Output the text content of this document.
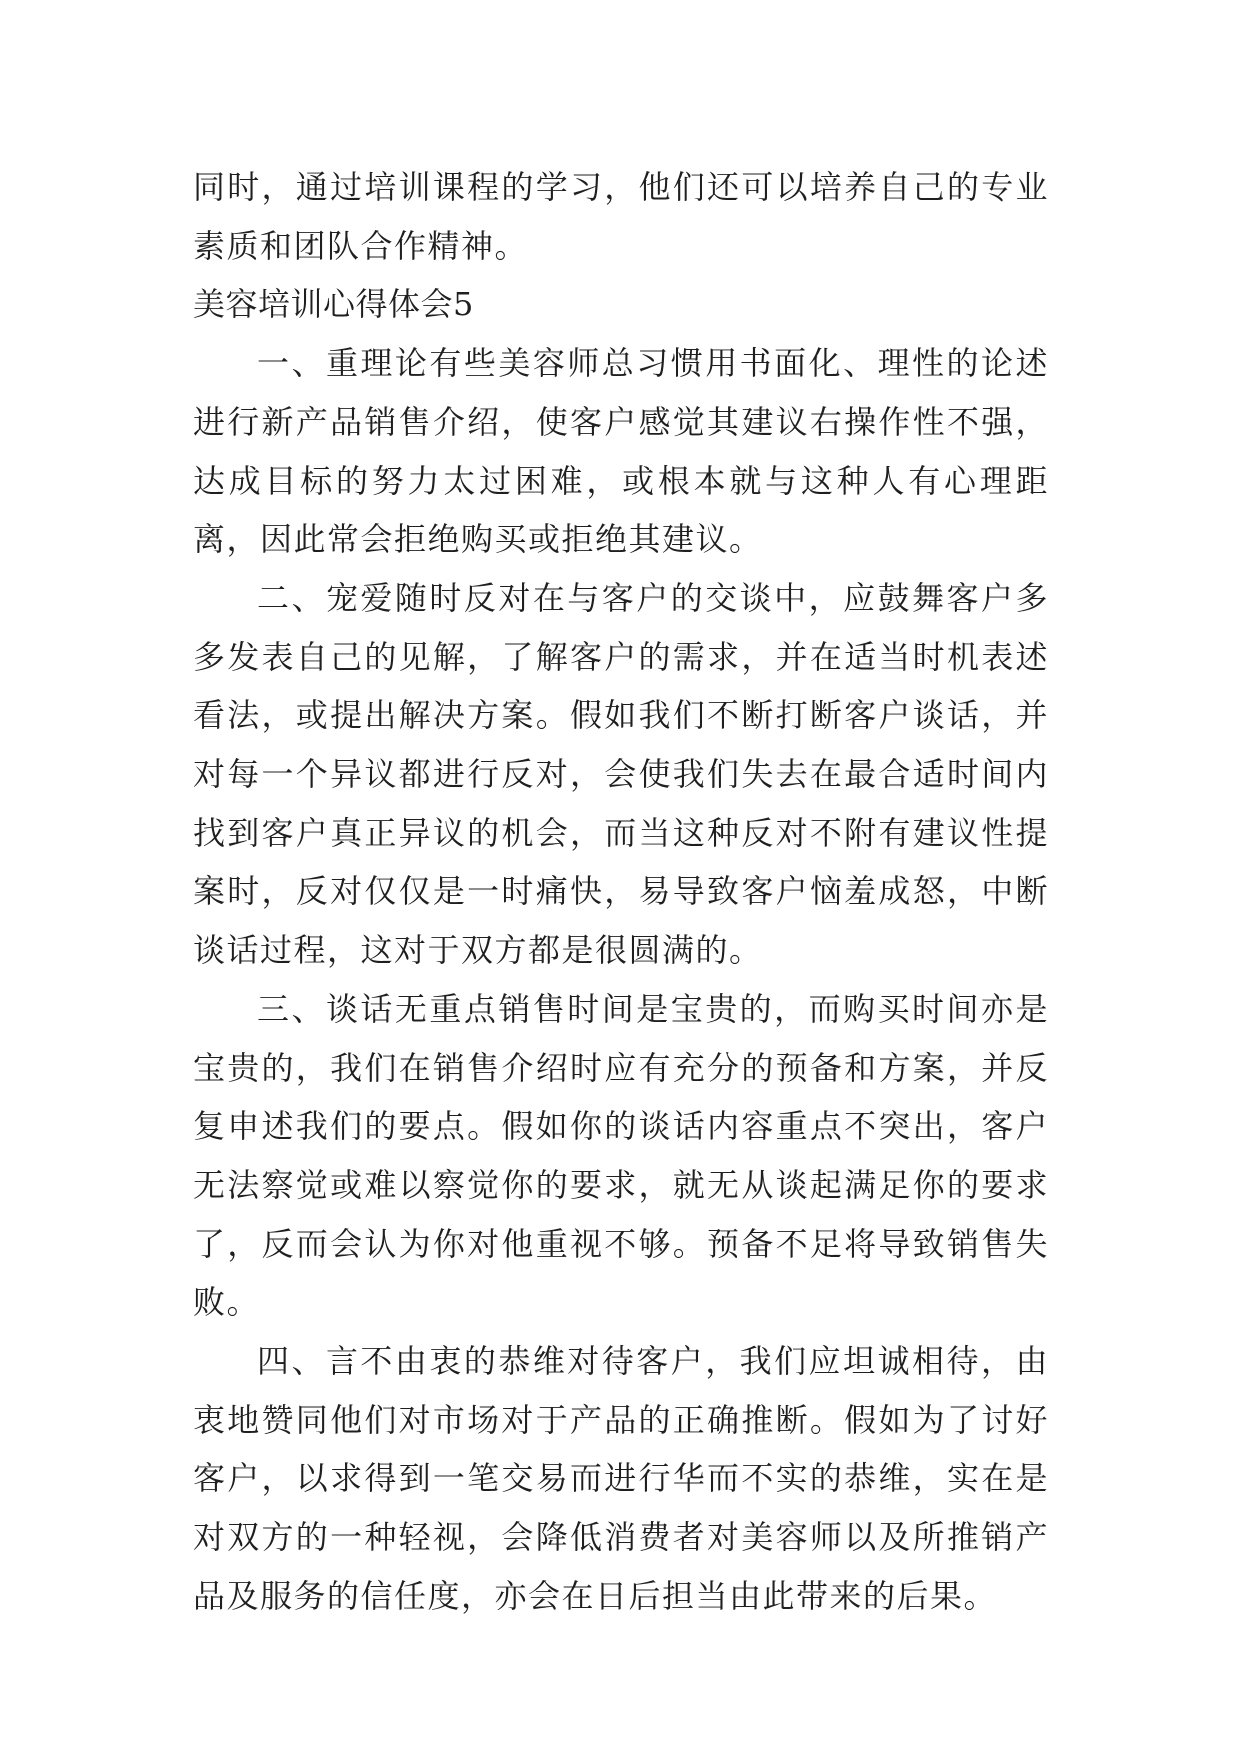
同时，通过培训课程的学习，他们还可以培养自己的专业素质和团队合作精神。

美容培训心得体会5

一、重理论有些美容师总习惯用书面化、理性的论述进行新产品销售介绍，使客户感觉其建议右操作性不强，达成目标的努力太过困难，或根本就与这种人有心理距离，因此常会拒绝购买或拒绝其建议。

二、宠爱随时反对在与客户的交谈中，应鼓舞客户多多发表自己的见解，了解客户的需求，并在适当时机表述看法，或提出解决方案。假如我们不断打断客户谈话，并对每一个异议都进行反对，会使我们失去在最合适时间内找到客户真正异议的机会，而当这种反对不附有建议性提案时，反对仅仅是一时痛快，易导致客户恼羞成怒，中断谈话过程，这对于双方都是很圆满的。

三、谈话无重点销售时间是宝贵的，而购买时间亦是宝贵的，我们在销售介绍时应有充分的预备和方案，并反复申述我们的要点。假如你的谈话内容重点不突出，客户无法察觉或难以察觉你的要求，就无从谈起满足你的要求了，反而会认为你对他重视不够。预备不足将导致销售失败。

四、言不由衷的恭维对待客户，我们应坦诚相待，由衷地赞同他们对市场对于产品的正确推断。假如为了讨好客户，以求得到一笔交易而进行华而不实的恭维，实在是对双方的一种轻视，会降低消费者对美容师以及所推销产品及服务的信任度，亦会在日后担当由此带来的后果。
